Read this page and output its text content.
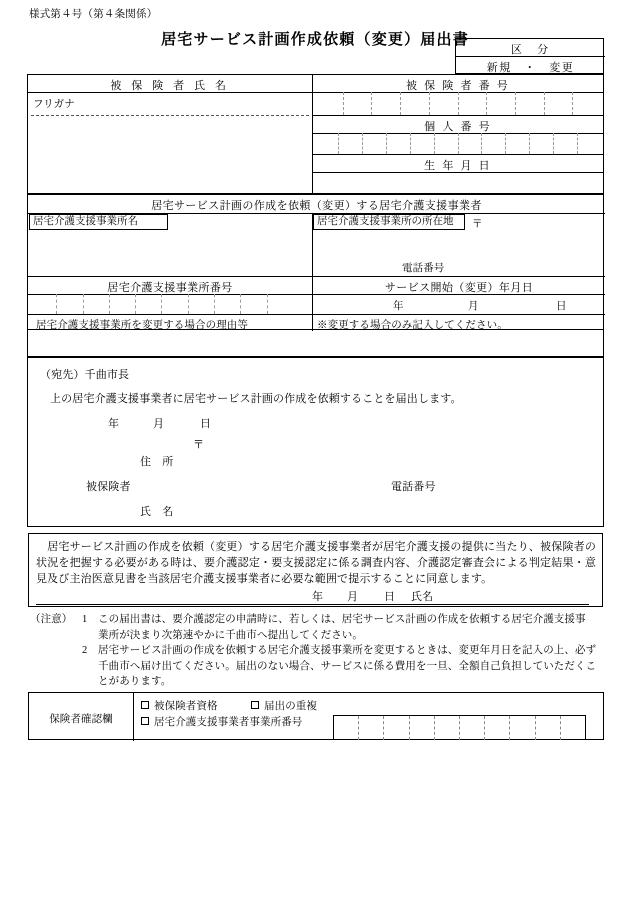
様式第４号（第４条関係）
居宅サービス計画作成依頼（変更）届出書
区　分
新規　・　変更
被 保 険 者 氏 名
フリガナ
被 保 険 者 番 号
個 人 番 号
生 年 月 日
居宅サービス計画の作成を依頼（変更）する居宅介護支援事業者
居宅介護支援事業所名	居宅介護支援事業所の所在地	〒
電話番号
居宅介護支援事業所番号	サービス開始（変更）年月日
年	月	日
居宅介護支援事業所を変更する場合の理由等	※変更する場合のみ記入してください。
（宛先）千曲市長
上の居宅介護支援事業者に居宅サービス計画の作成を依頼することを届出します。
年	月	日
〒
住　所
被保険者	電話番号
氏　名
　居宅サービス計画の作成を依頼（変更）する居宅介護支援事業者が居宅介護支援の提供に当たり、被保険者の状況を把握する必要がある時は、要介護認定・要支援認定に係る調査内容、介護認定審査会による判定結果・意見及び主治医意見書を当該居宅介護支援事業者に必要な範囲で提示することに同意します。
年 月 日 氏名
（注意） 1 この届出書は、要介護認定の申請時に、若しくは、居宅サービス計画の作成を依頼する居宅介護支援事業所が決まり次第速やかに千曲市へ提出してください。
2 居宅サービス計画の作成を依頼する居宅介護支援事業所を変更するときは、変更年月日を記入の上、必ず千曲市へ届け出てください。届出のない場合、サービスに係る費用を一旦、全額自己負担していただくことがあります。
保険者確認欄
被保険者資格	届出の重複
居宅介護支援事業者事業所番号
